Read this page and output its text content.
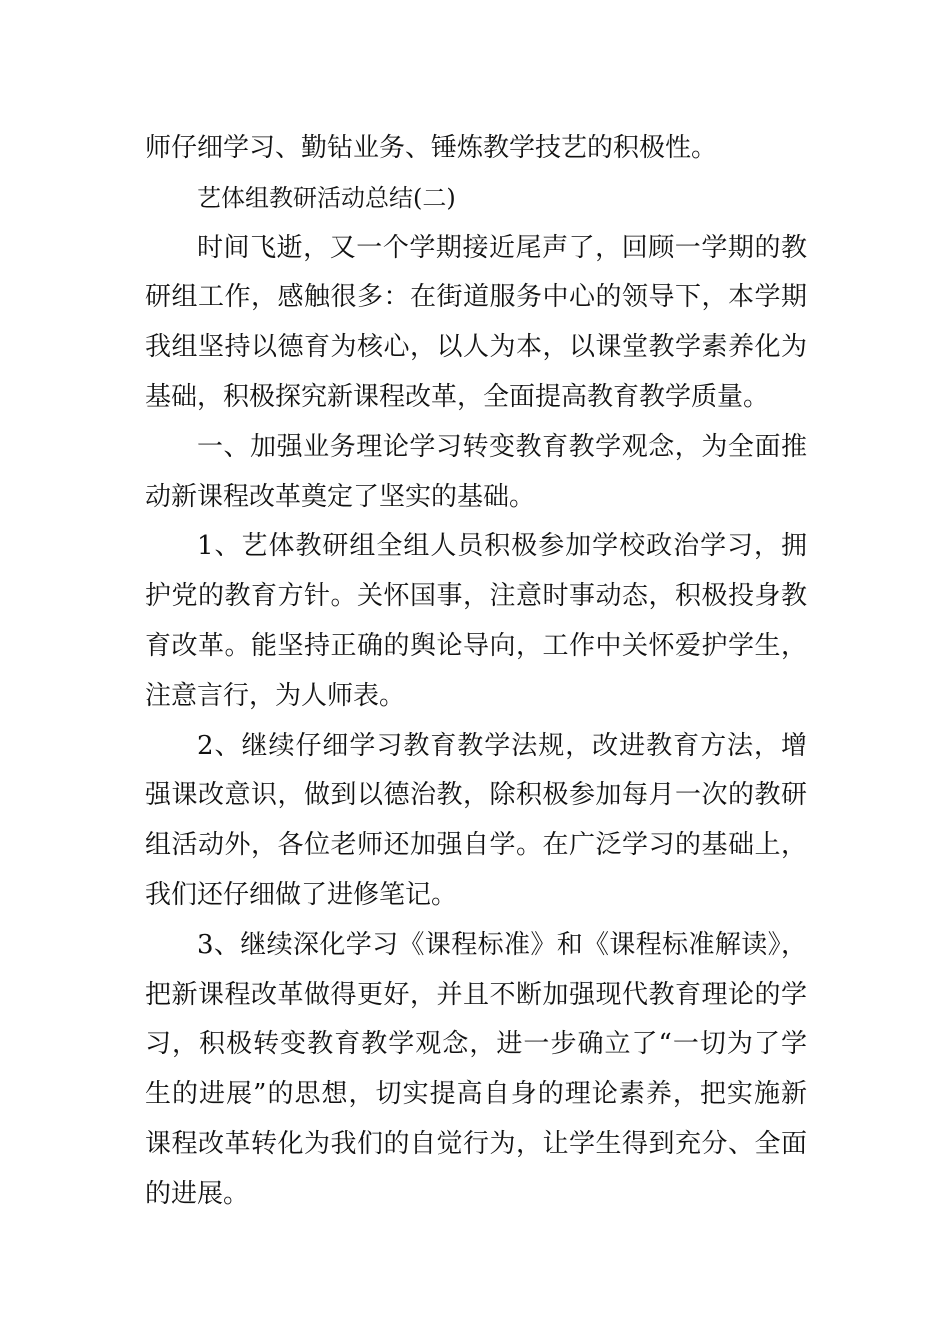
师仔细学习、勤钻业务、锤炼教学技艺的积极性。

艺体组教研活动总结(二)

时间飞逝，又一个学期接近尾声了，回顾一学期的教研组工作，感触很多：在街道服务中心的领导下，本学期我组坚持以德育为核心，以人为本，以课堂教学素养化为基础，积极探究新课程改革，全面提高教育教学质量。

一、加强业务理论学习转变教育教学观念，为全面推动新课程改革奠定了坚实的基础。

1、艺体教研组全组人员积极参加学校政治学习，拥护党的教育方针。关怀国事，注意时事动态，积极投身教育改革。能坚持正确的舆论导向，工作中关怀爱护学生，注意言行，为人师表。

2、继续仔细学习教育教学法规，改进教育方法，增强课改意识，做到以德治教，除积极参加每月一次的教研组活动外，各位老师还加强自学。在广泛学习的基础上，我们还仔细做了进修笔记。

3、继续深化学习《课程标准》和《课程标准解读》，把新课程改革做得更好，并且不断加强现代教育理论的学习，积极转变教育教学观念，进一步确立了“一切为了学生的进展”的思想，切实提高自身的理论素养，把实施新课程改革转化为我们的自觉行为，让学生得到充分、全面的进展。
